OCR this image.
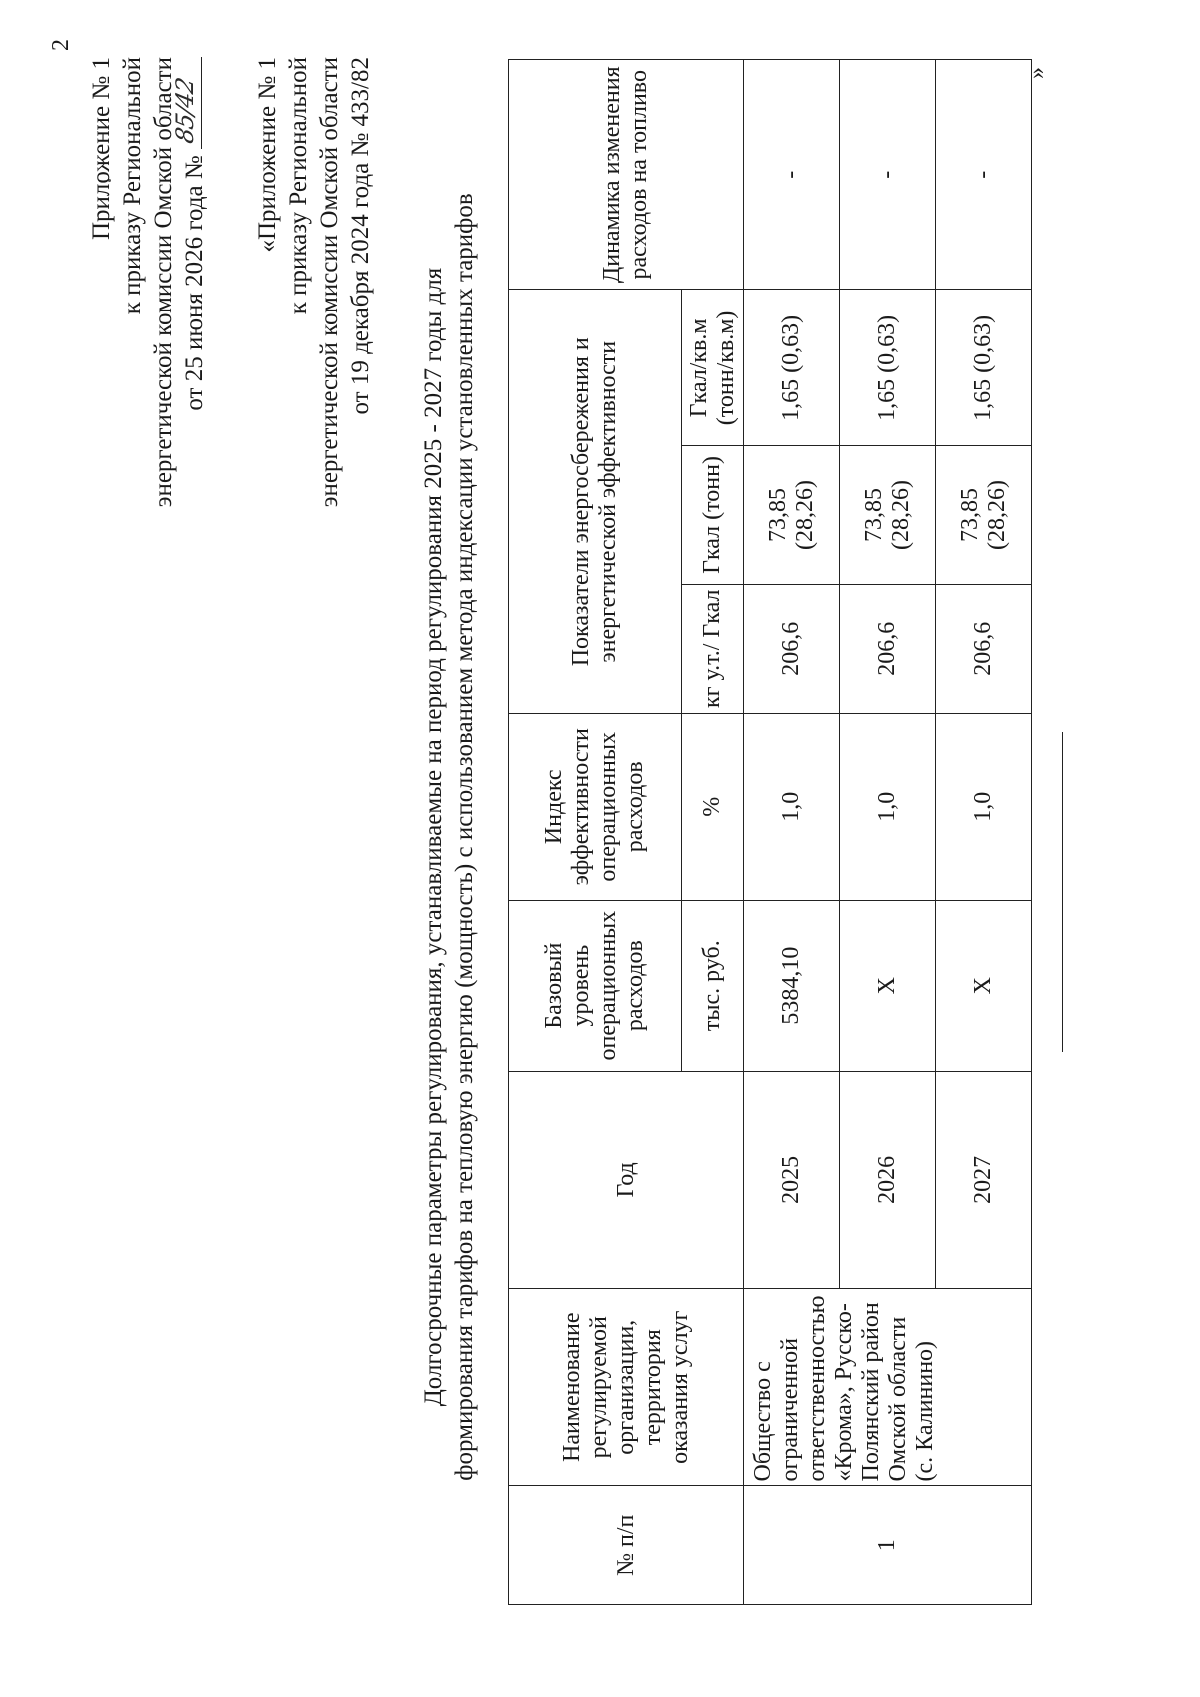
2
Приложение № 1 к приказу Региональной энергетической комиссии Омской области от 25 июня 2026 года №
85/42 «Приложение № 1 к приказу Региональной энергетической комиссии Омской области от 19 декабря 2024 года № 433/82
Долгосрочные параметры регулирования, устанавливаемые на период регулирования 2025 - 2027 годы для формирования тарифов на тепловую энергию (мощность) с использованием метода индексации установленных тарифов
№ п/п	Наименование регулируемой организации, территория оказания услуг	Год	Базовый уровень операционных расходов	Индекс эффективности операционных расходов	Показатели энергосбережения и энергетической эффективности			Динамика изменения расходов на топливо
			тыс. руб.	%	кг у.т./ Гкал	Гкал (тонн)	Гкал/кв.м (тонн/кв.м)	
1	Общество с ограниченной ответственностью «Крома», Русско-Полянский район Омской области (с. Калинино)	2025	5384,10	1,0	206,6	73,85 (28,26)	1,65 (0,63)	-
		2026	X	1,0	206,6	73,85 (28,26)	1,65 (0,63)	-
		2027	X	1,0	206,6	73,85 (28,26)	1,65 (0,63)	-
»
